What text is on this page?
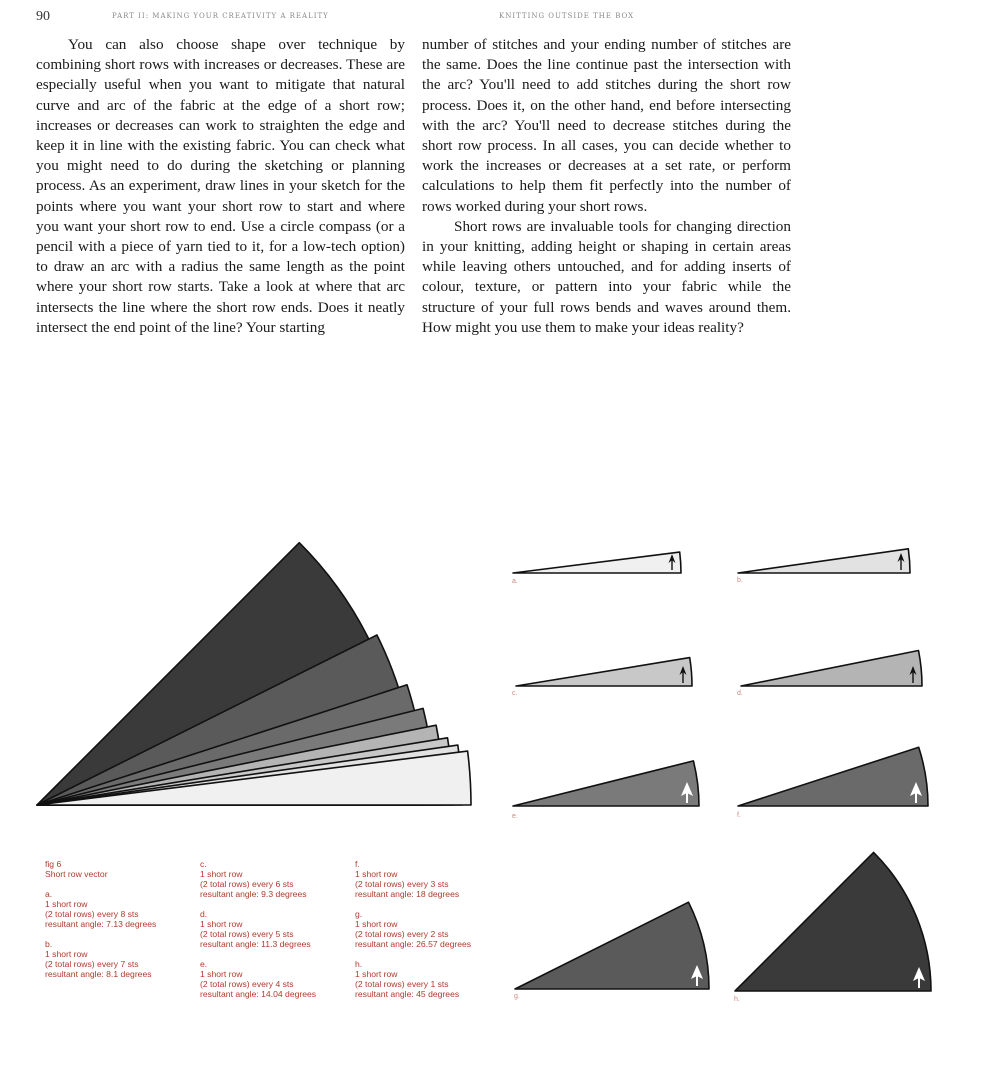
90	PART II: MAKING YOUR CREATIVITY A REALITY	KNITTING OUTSIDE THE BOX

You can also choose shape over technique by combining short rows with increases or decreases. These are especially useful when you want to mitigate that natural curve and arc of the fabric at the edge of a short row; increases or decreases can work to straighten the edge and keep it in line with the existing fabric. You can check what you might need to do during the sketching or planning process. As an experiment, draw lines in your sketch for the points where you want your short row to start and where you want your short row to end. Use a circle compass (or a pencil with a piece of yarn tied to it, for a low-tech option) to draw an arc with a radius the same length as the point where your short row starts. Take a look at where that arc intersects the line where the short row ends. Does it neatly intersect the end point of the line? Your starting

number of stitches and your ending number of stitches are the same. Does the line continue past the intersection with the arc? You'll need to add stitches during the short row process. Does it, on the other hand, end before intersecting with the arc? You'll need to decrease stitches during the short row process. In all cases, you can decide whether to work the increases or decreases at a set rate, or perform calculations to help them fit perfectly into the number of rows worked during your short rows.

Short rows are invaluable tools for changing direction in your knitting, adding height or shaping in certain areas while leaving others untouched, and for adding inserts of colour, texture, or pattern into your fabric while the structure of your full rows bends and waves around them. How might you use them to make your ideas reality?

fig 6
Short row vector
a.
1 short row
(2 total rows) every 8 sts
resultant angle: 7.13 degrees
b.
1 short row
(2 total rows) every 7 sts
resultant angle: 8.1 degrees
c.
1 short row
(2 total rows) every 6 sts
resultant angle: 9.3 degrees
d.
1 short row
(2 total rows) every 5 sts
resultant angle: 11.3 degrees
e.
1 short row
(2 total rows) every 4 sts
resultant angle: 14.04 degrees
f.
1 short row
(2 total rows) every 3 sts
resultant angle: 18 degrees
g.
1 short row
(2 total rows) every 2 sts
resultant angle: 26.57 degrees
h.
1 short row
(2 total rows) every 1 sts
resultant angle: 45 degrees
a.	b.
c.	d.
e.	f.
g.	h.
